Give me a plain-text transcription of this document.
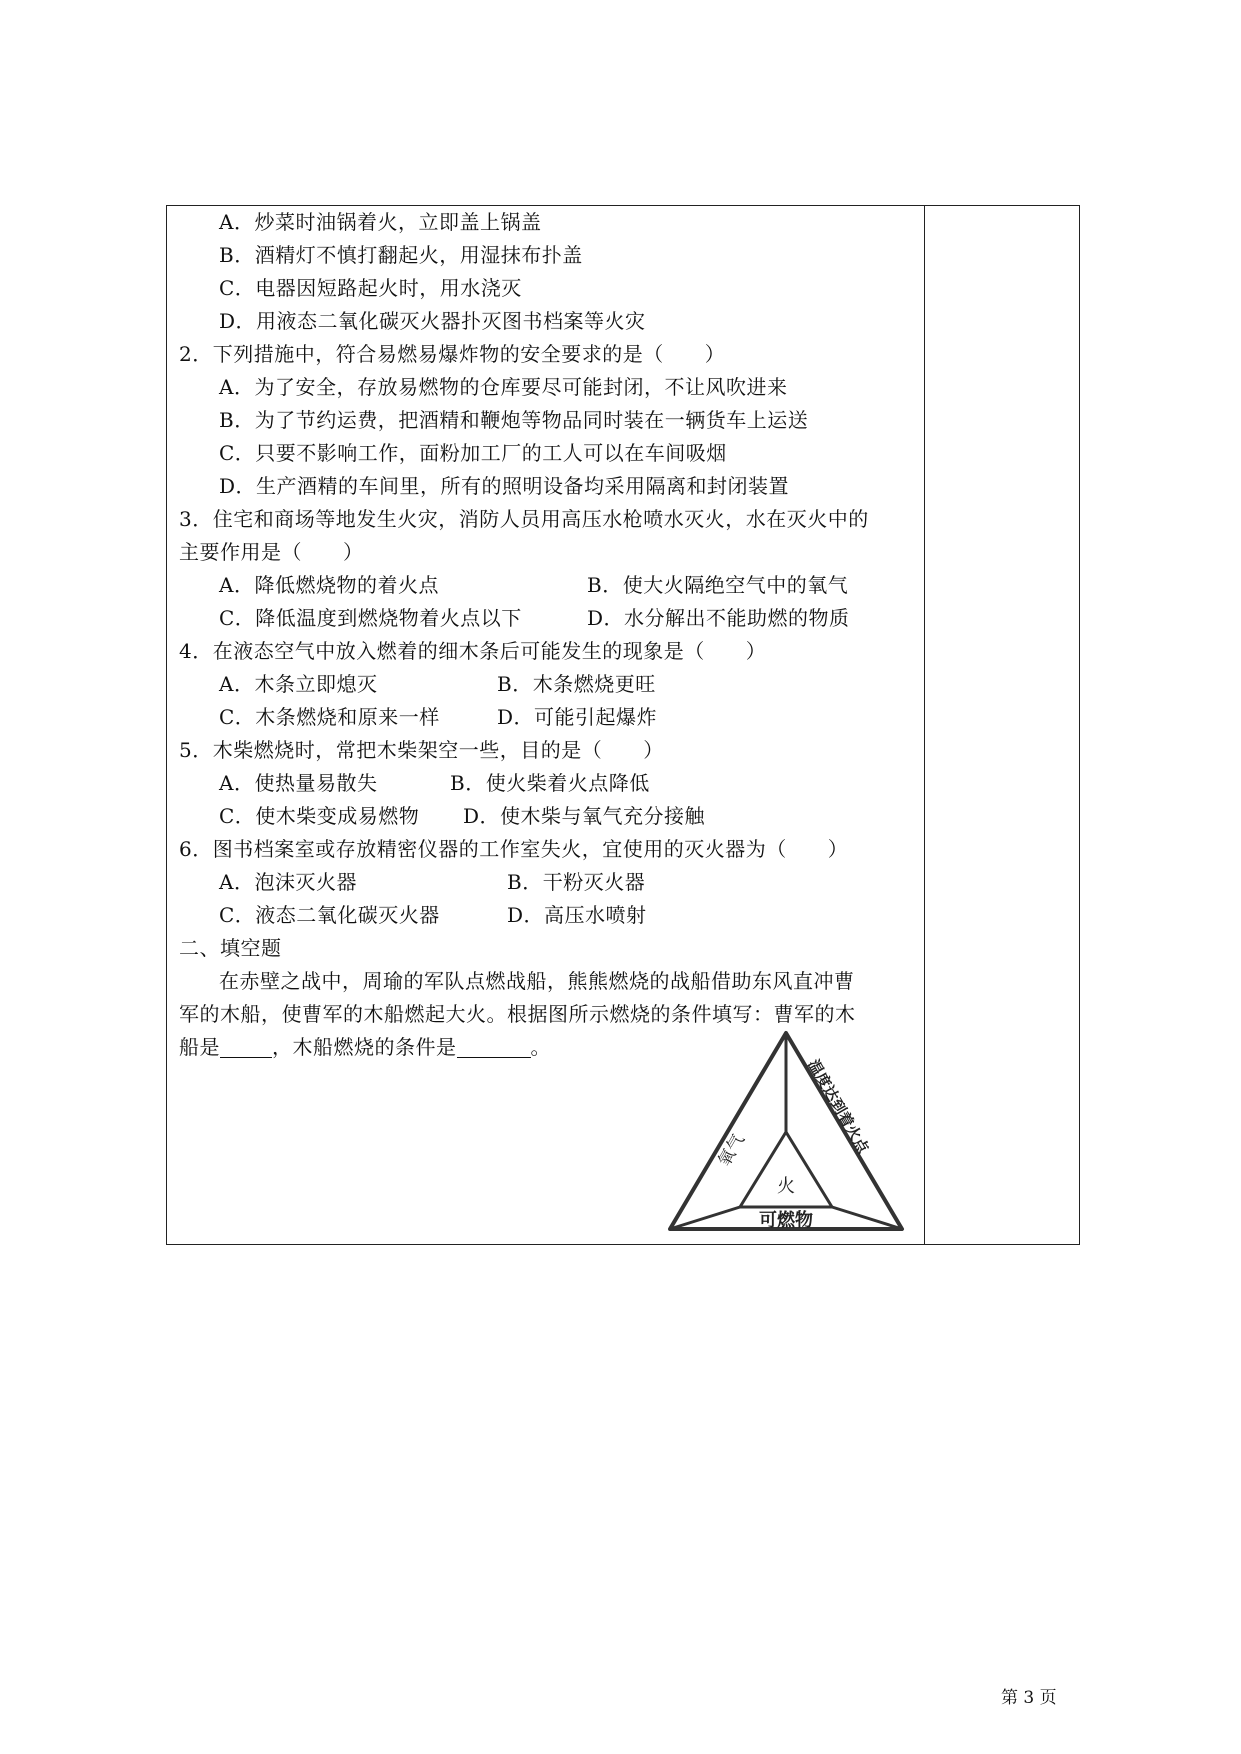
A．炒菜时油锅着火，立即盖上锅盖
B．酒精灯不慎打翻起火，用湿抹布扑盖
C．电器因短路起火时，用水浇灭
D．用液态二氧化碳灭火器扑灭图书档案等火灾
2．下列措施中，符合易燃易爆炸物的安全要求的是（　　）
A．为了安全，存放易燃物的仓库要尽可能封闭，不让风吹进来
B．为了节约运费，把酒精和鞭炮等物品同时装在一辆货车上运送
C．只要不影响工作，面粉加工厂的工人可以在车间吸烟
D．生产酒精的车间里，所有的照明设备均采用隔离和封闭装置
3．住宅和商场等地发生火灾，消防人员用高压水枪喷水灭火，水在灭火中的
主要作用是（　　）
A．降低燃烧物的着火点	B．使大火隔绝空气中的氧气
C．降低温度到燃烧物着火点以下	D．水分解出不能助燃的物质
4．在液态空气中放入燃着的细木条后可能发生的现象是（　　）
A．木条立即熄灭	B．木条燃烧更旺
C．木条燃烧和原来一样	D．可能引起爆炸
5．木柴燃烧时，常把木柴架空一些，目的是（　　）
A．使热量易散失	B．使火柴着火点降低
C．使木柴变成易燃物 D．使木柴与氧气充分接触
6．图书档案室或存放精密仪器的工作室失火，宜使用的灭火器为（　　）
A．泡沫灭火器	B．干粉灭火器
C．液态二氧化碳灭火器	D．高压水喷射
二、填空题
在赤壁之战中，周瑜的军队点燃战船，熊熊燃烧的战船借助东风直冲曹
军的木船，使曹军的木船燃起大火。根据图所示燃烧的条件填写：曹军的木
船是	，木船燃烧的条件是	。
火
氧气	温度达到着火点
可燃物
第 3 页
